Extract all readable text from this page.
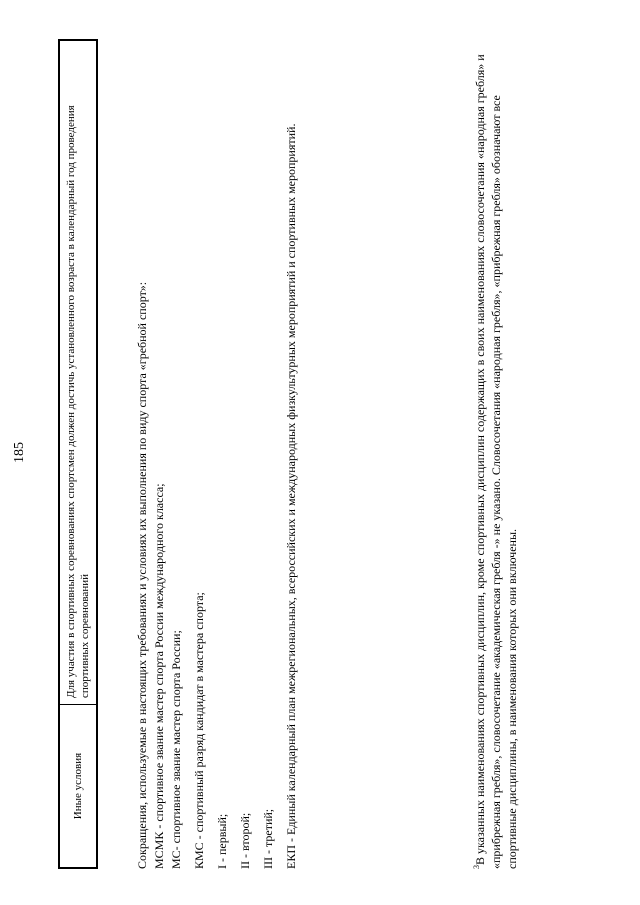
185
Иные условия	Для участия в спортивных соревнованиях спортсмен должен достичь установленного возраста в календарный год проведения спортивных соревнований	Сокращения, используемые в настоящих требованиях и условиях их выполнения по виду спорта «гребной спорт»: МСМК - спортивное звание мастер спорта России международного класса; МС- спортивное звание мастер спорта России; КМС - спортивный разряд кандидат в мастера спорта; I - первый; II - второй; III - третий; ЕКП - Единый календарный план межрегиональных, всероссийских и международных физкультурных мероприятий и спортивных мероприятий.	$^3$В указанных наименованиях спортивных дисциплин, кроме спортивных дисциплин содержащих в своих наименованиях словосочетания «народная гребля» и «прибрежная гребля», словосочетание «академическая гребля -» не указано. Словосочетания «народная гребля», «прибрежная гребля» обозначают все спортивные дисциплины, в наименования которых они включены.
